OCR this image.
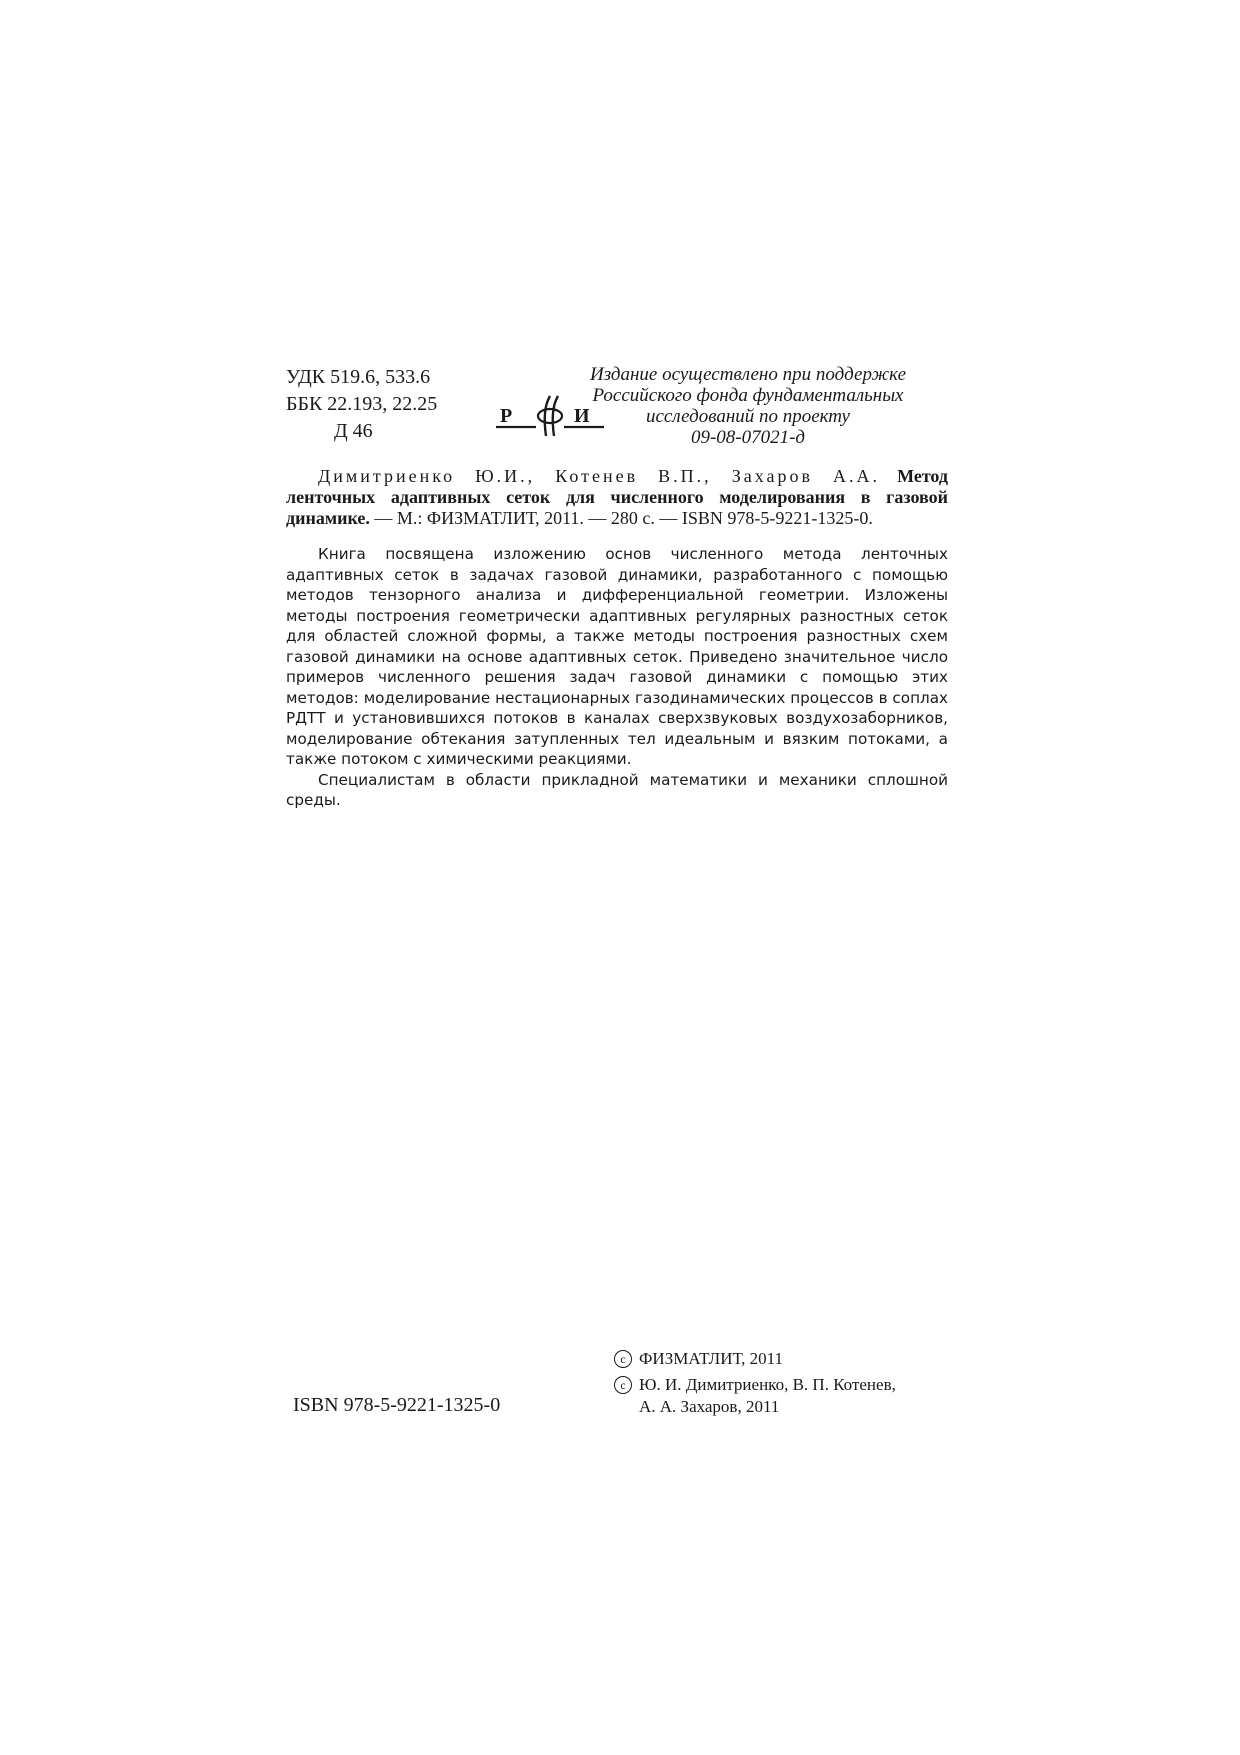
УДК 519.6, 533.6
ББК 22.193, 22.25
Д 46
Р	И
Издание осуществлено при поддержке
Российского фонда фундаментальных
исследований по проекту
09-08-07021-д
Димитриенко Ю.И., Котенев В.П., Захаров А.А. Метод ленточных адаптивных сеток для численного моделирования в газовой динамике. — М.: ФИЗМАТЛИТ, 2011. — 280 с. — ISBN 978-5-9221-1325-0.

Книга посвящена изложению основ численного метода ленточных адаптивных сеток в задачах газовой динамики, разработанного с помощью методов тензорного анализа и дифференциальной геометрии. Изложены методы построения геометрически адаптивных регулярных разностных сеток для областей сложной формы, а также методы построения разностных схем газовой динамики на основе адаптивных сеток. Приведено значительное число примеров численного решения задач газовой динамики с помощью этих методов: моделирование нестационарных газодинамических процессов в соплах РДТТ и установившихся потоков в каналах сверхзвуковых воздухозаборников, моделирование обтекания затупленных тел идеальным и вязким потоками, а также потоком с химическими реакциями.

Специалистам в области прикладной математики и механики сплошной среды.

ISBN 978-5-9221-1325-0
c ФИЗМАТЛИТ, 2011
c Ю. И. Димитриенко, В. П. Котенев,
А. А. Захаров, 2011
